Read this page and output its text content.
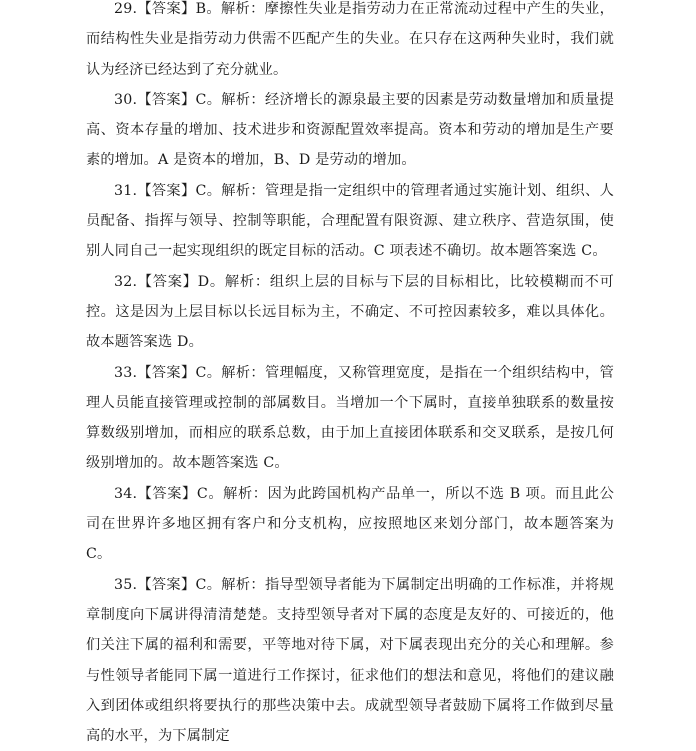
29.【答案】B。解析：摩擦性失业是指劳动力在正常流动过程中产生的失业，而结构性失业是指劳动力供需不匹配产生的失业。在只存在这两种失业时，我们就认为经济已经达到了充分就业。

30.【答案】C。解析：经济增长的源泉最主要的因素是劳动数量增加和质量提高、资本存量的增加、技术进步和资源配置效率提高。资本和劳动的增加是生产要素的增加。A 是资本的增加，B、D 是劳动的增加。

31.【答案】C。解析：管理是指一定组织中的管理者通过实施计划、组织、人员配备、指挥与领导、控制等职能，合理配置有限资源、建立秩序、营造氛围，使别人同自己一起实现组织的既定目标的活动。C 项表述不确切。故本题答案选 C。

32.【答案】D。解析：组织上层的目标与下层的目标相比，比较模糊而不可控。这是因为上层目标以长远目标为主，不确定、不可控因素较多，难以具体化。故本题答案选 D。

33.【答案】C。解析：管理幅度，又称管理宽度，是指在一个组织结构中，管理人员能直接管理或控制的部属数目。当增加一个下属时，直接单独联系的数量按算数级别增加，而相应的联系总数，由于加上直接团体联系和交叉联系，是按几何级别增加的。故本题答案选 C。

34.【答案】C。解析：因为此跨国机构产品单一，所以不选 B 项。而且此公司在世界许多地区拥有客户和分支机构，应按照地区来划分部门，故本题答案为 C。

35.【答案】C。解析：指导型领导者能为下属制定出明确的工作标准，并将规章制度向下属讲得清清楚楚。支持型领导者对下属的态度是友好的、可接近的，他们关注下属的福利和需要，平等地对待下属，对下属表现出充分的关心和理解。参与性领导者能同下属一道进行工作探讨，征求他们的想法和意见，将他们的建议融入到团体或组织将要执行的那些决策中去。成就型领导者鼓励下属将工作做到尽量高的水平，为下属制定
